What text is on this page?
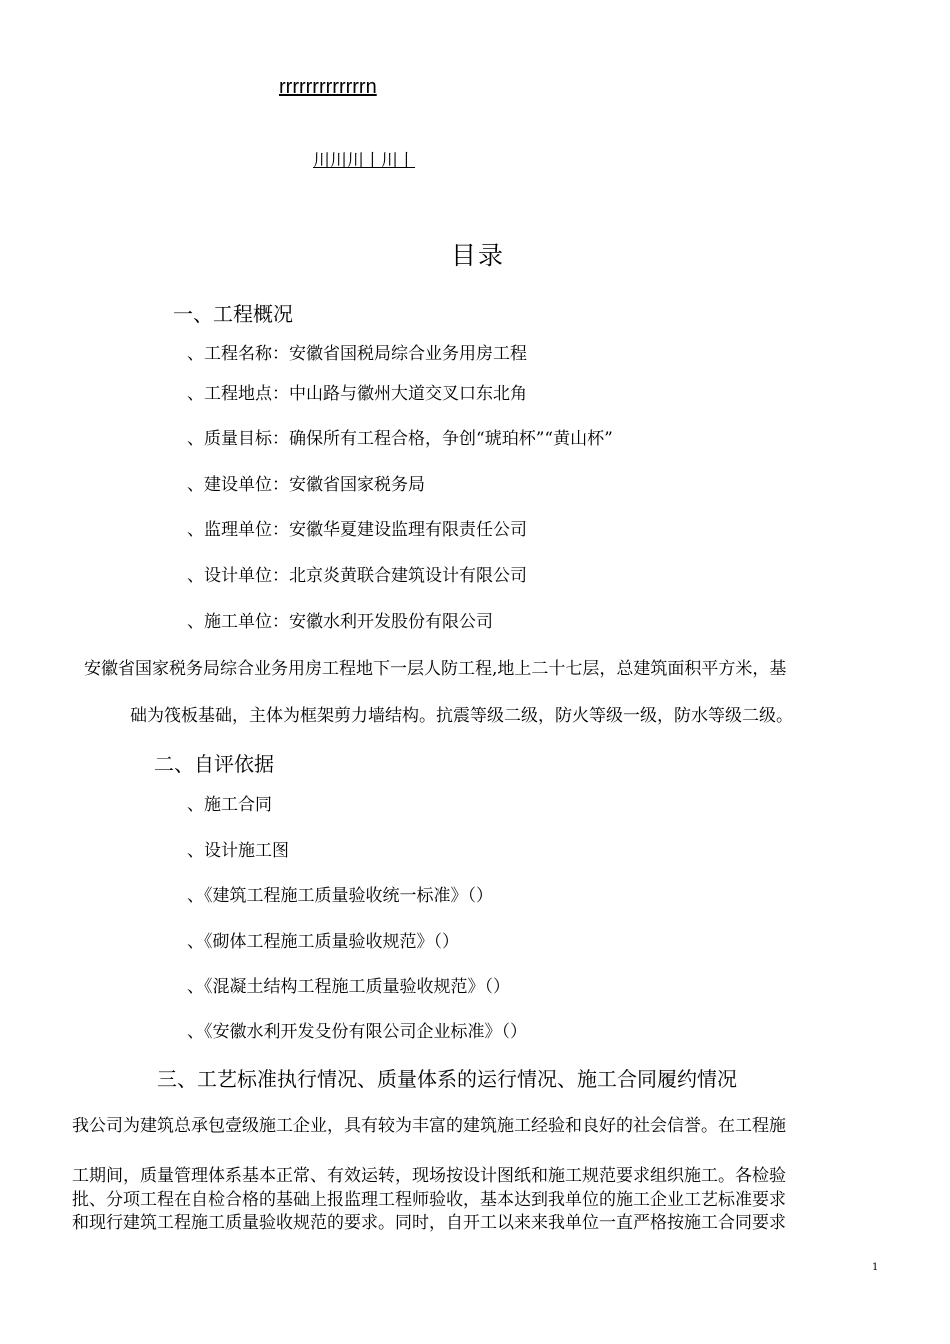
rrrrrrrrrrrrrn
川川川丨川丨
目录
一、工程概况
、工程名称：安徽省国税局综合业务用房工程
、工程地点：中山路与徽州大道交叉口东北角
、质量目标：确保所有工程合格，争创“琥珀杯”“黄山杯”
、建设单位：安徽省国家税务局
、监理单位：安徽华夏建设监理有限责任公司
、设计单位：北京炎黄联合建筑设计有限公司
、施工单位：安徽水利开发股份有限公司
安徽省国家税务局综合业务用房工程地下一层人防工程,地上二十七层，总建筑面积平方米，基
础为筏板基础，主体为框架剪力墙结构。抗震等级二级，防火等级一级，防水等级二级。
二、自评依据
、施工合同
、设计施工图
、《建筑工程施工质量验收统一标准》（）
、《砌体工程施工质量验收规范》（）
、《混凝土结构工程施工质量验收规范》（）
、《安徽水利开发殳份有限公司企业标准》（）
三、工艺标准执行情况、质量体系的运行情况、施工合同履约情况
我公司为建筑总承包壹级施工企业，具有较为丰富的建筑施工经验和良好的社会信誉。在工程施
工期间，质量管理体系基本正常、有效运转，现场按设计图纸和施工规范要求组织施工。各检验
批、分项工程在自检合格的基础上报监理工程师验收，基本达到我单位的施工企业工艺标准要求
和现行建筑工程施工质量验收规范的要求。同时，自开工以来来我单位一直严格按施工合同要求
1
